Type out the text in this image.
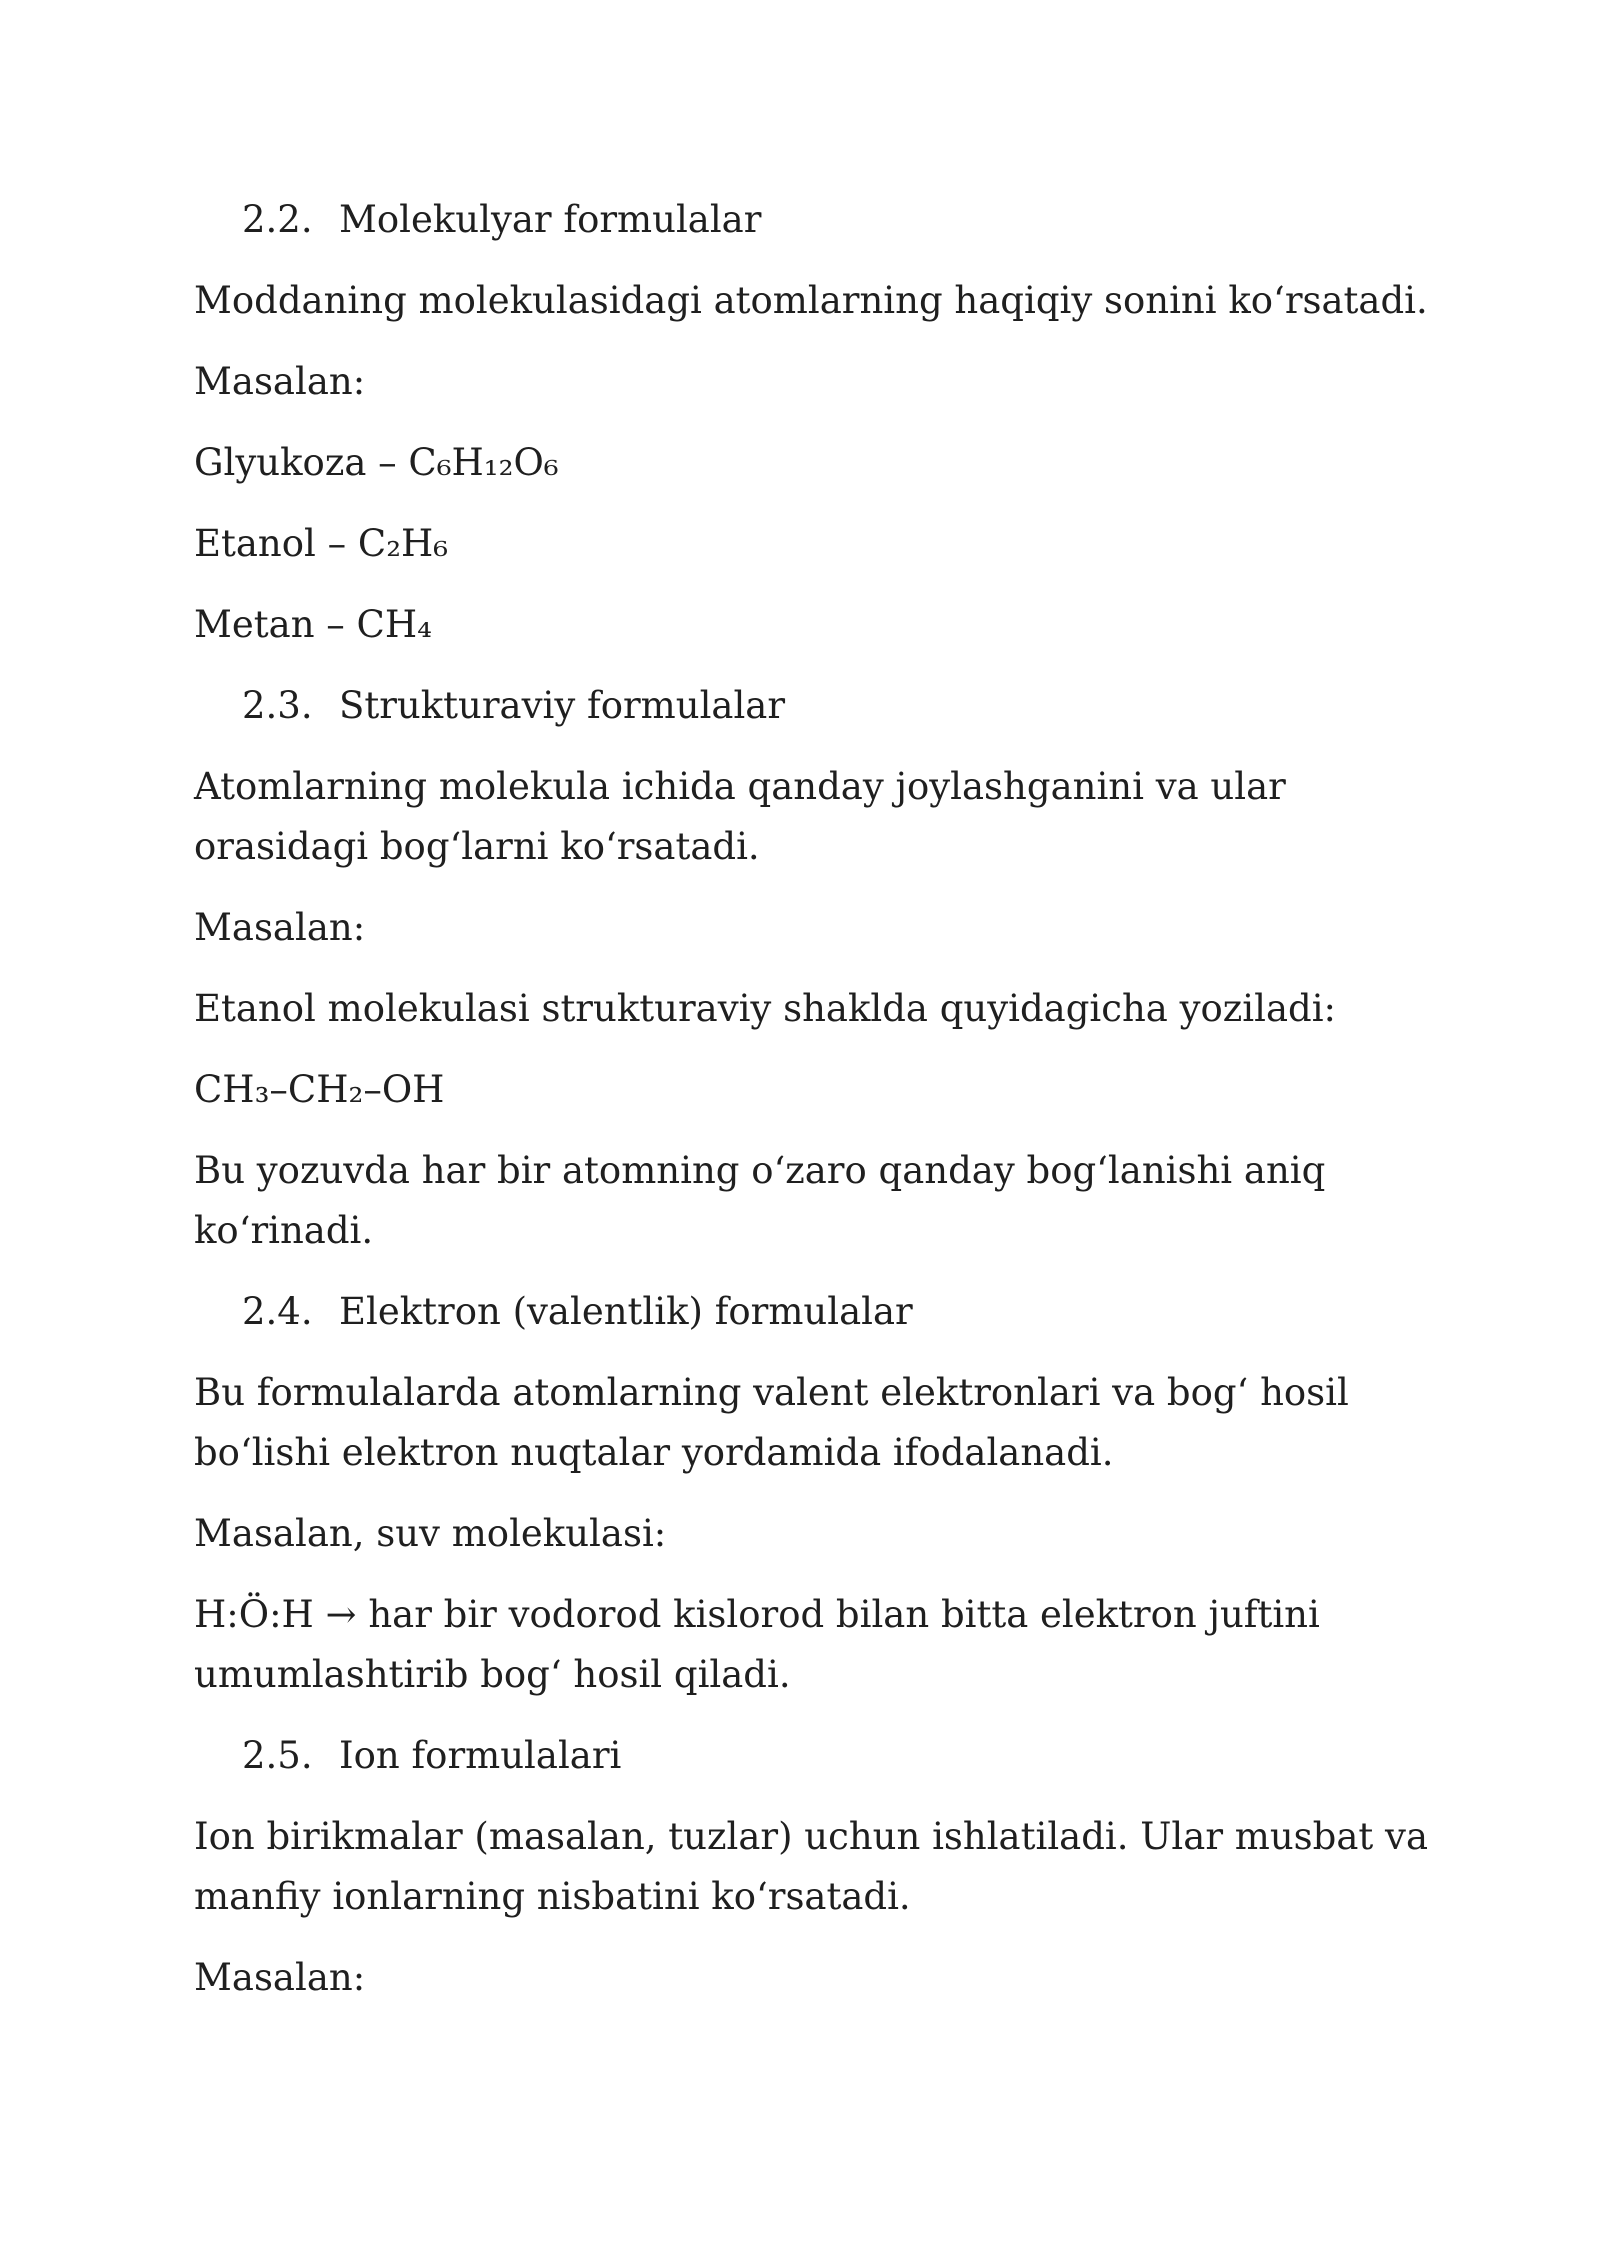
2.2. Molekulyar formulalar

Moddaning molekulasidagi atomlarning haqiqiy sonini ko‘rsatadi.

Masalan:

Glyukoza – C₆H₁₂O₆

Etanol – C₂H₆

Metan – CH₄

2.3. Strukturaviy formulalar

Atomlarning molekula ichida qanday joylashganini va ular
orasidagi bog‘larni ko‘rsatadi.

Masalan:

Etanol molekulasi strukturaviy shaklda quyidagicha yoziladi:

CH₃–CH₂–OH

Bu yozuvda har bir atomning o‘zaro qanday bog‘lanishi aniq
ko‘rinadi.

2.4. Elektron (valentlik) formulalar

Bu formulalarda atomlarning valent elektronlari va bog‘ hosil
bo‘lishi elektron nuqtalar yordamida ifodalanadi.

Masalan, suv molekulasi:

H:Ö:H → har bir vodorod kislorod bilan bitta elektron juftini
umumlashtirib bog‘ hosil qiladi.

2.5. Ion formulalari

Ion birikmalar (masalan, tuzlar) uchun ishlatiladi. Ular musbat va
manfiy ionlarning nisbatini ko‘rsatadi.

Masalan:
